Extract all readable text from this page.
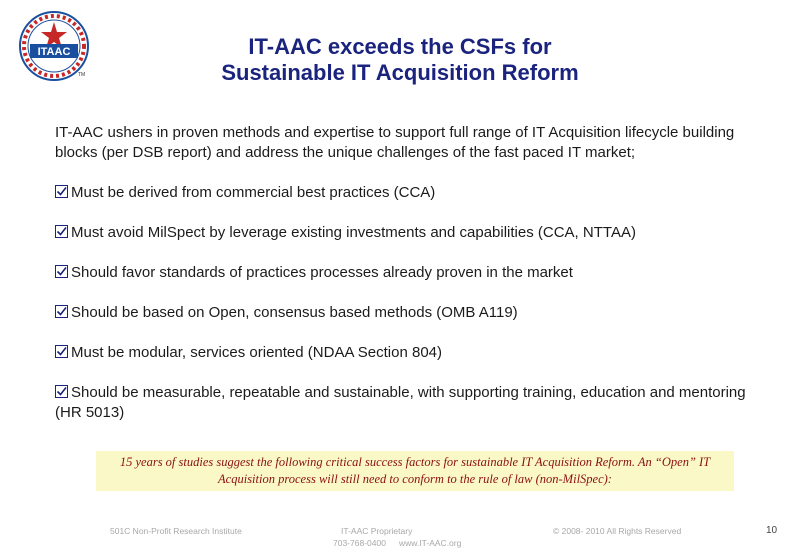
ITAAC
TM
IT-AAC exceeds the CSFs for
Sustainable IT Acquisition Reform

IT-AAC ushers in proven methods and expertise to support full range of IT Acquisition lifecycle building blocks (per DSB report) and address the unique challenges of the fast paced IT market;

Must be derived from commercial best practices (CCA)
Must avoid MilSpect by leverage existing investments and capabilities (CCA, NTTAA)
Should favor standards of practices processes already proven in the market
Should be based on Open, consensus based methods (OMB A119)
Must be modular, services oriented (NDAA Section 804)
Should be measurable, repeatable and sustainable, with supporting training, education and mentoring (HR 5013)
15 years of studies suggest the following critical success factors for sustainable IT Acquisition Reform. An “Open” IT Acquisition process will still need to conform to the rule of law (non-MilSpec):
501C Non-Profit Research Institute	IT-AAC Proprietary
703-768-0400 www.IT-AAC.org
© 2008- 2010 All Rights Reserved	10
